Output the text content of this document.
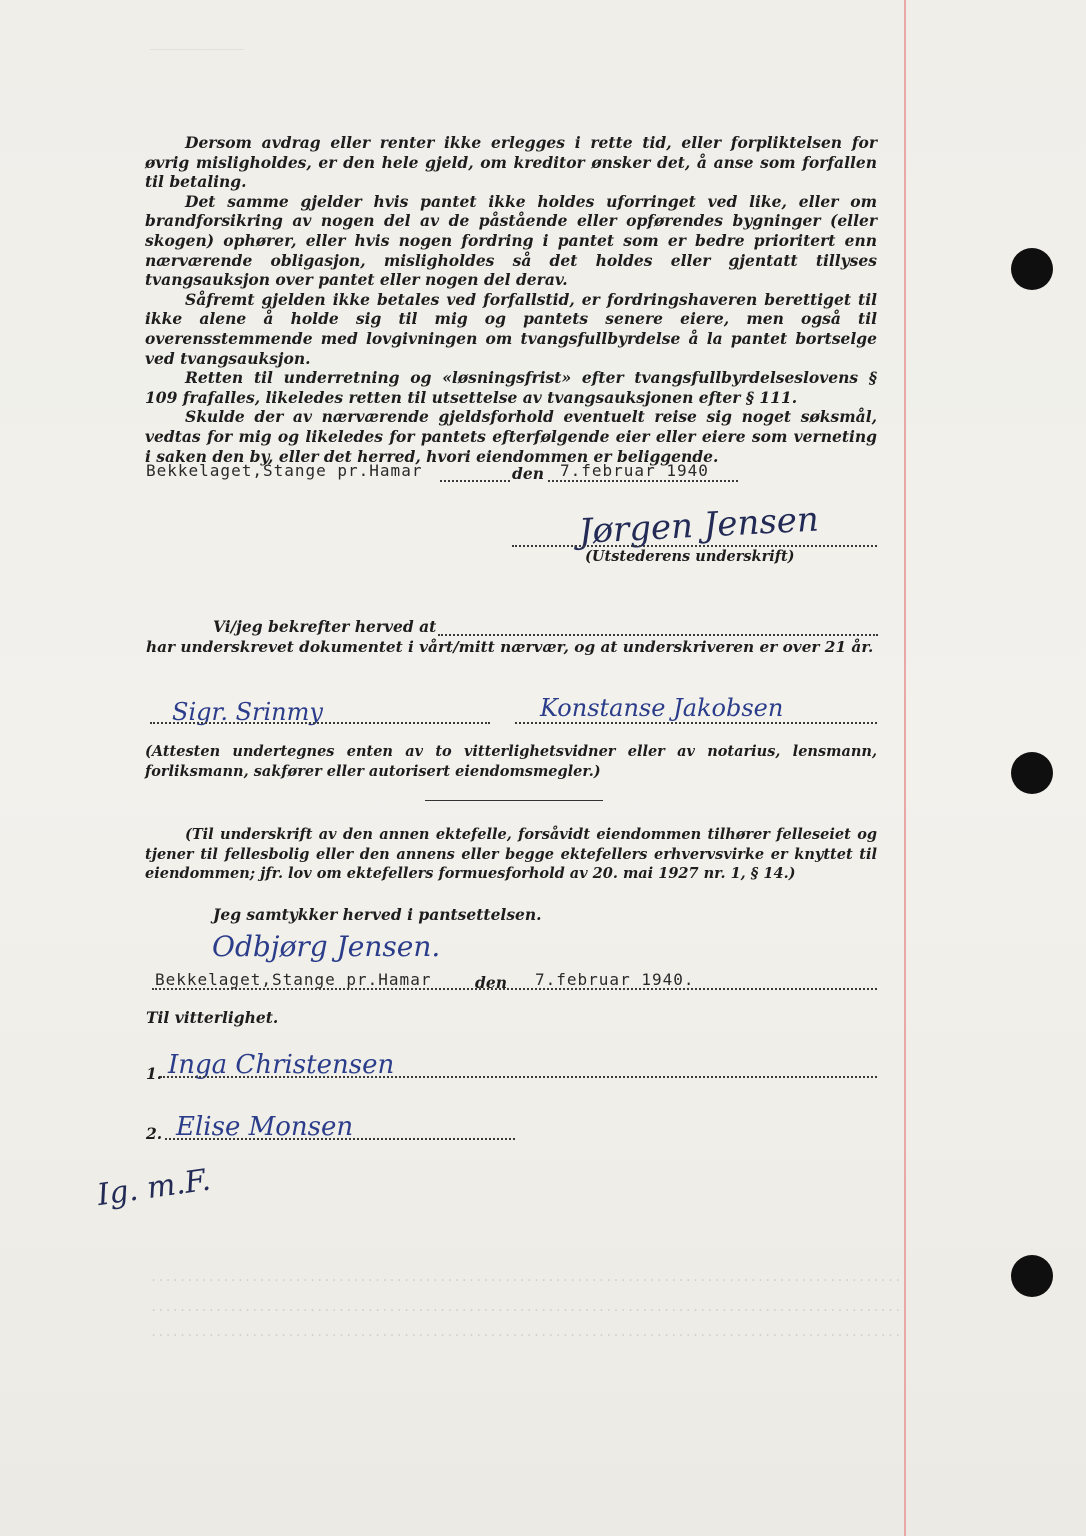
‾‾‾‾‾‾‾‾‾‾‾‾‾

Dersom avdrag eller renter ikke erlegges i rette tid, eller forpliktelsen for øvrig misligholdes, er den hele gjeld, om kreditor ønsker det, å anse som forfallen til betaling.

Det samme gjelder hvis pantet ikke holdes uforringet ved like, eller om brandforsikring av nogen del av de påstående eller opførendes bygninger (eller skogen) ophører, eller hvis nogen fordring i pantet som er bedre prioritert enn nærværende obligasjon, misligholdes så det holdes eller gjentatt tillyses tvangsauksjon over pantet eller nogen del derav.

Såfremt gjelden ikke betales ved forfallstid, er fordringshaveren berettiget til ikke alene å holde sig til mig og pantets senere eiere, men også til overensstemmende med lovgivningen om tvangsfullbyrdelse å la pantet bortselge ved tvangsauksjon.

Retten til underretning og «løsningsfrist» efter tvangsfullbyrdelseslovens § 109 frafalles, likeledes retten til utsettelse av tvangsauksjonen efter § 111.

Skulde der av nærværende gjeldsforhold eventuelt reise sig noget søksmål, vedtas for mig og likeledes for pantets efterfølgende eier eller eiere som verneting i saken den by, eller det herred, hvori eiendommen er beliggende.

Bekkelaget,Stange pr.Hamar	den 7.februar 1940
Jørgen Jensen
(Utstederens underskrift)
Vi/jeg bekrefter herved at
har underskrevet dokumentet i vårt/mitt nærvær, og at underskriveren er over 21 år.
Sigr. Srinmy	Konstanse Jakobsen

(Attesten undertegnes enten av to vitterlighetsvidner eller av notarius, lensmann, forliksmann, sakfører eller autorisert eiendomsmegler.)

(Til underskrift av den annen ektefelle, forsåvidt eiendommen tilhører felleseiet og tjener til fellesbolig eller den annens eller begge ektefellers erhvervsvirke er knyttet til eiendommen; jfr. lov om ektefellers formuesforhold av 20. mai 1927 nr. 1, § 14.)

Jeg samtykker herved i pantsettelsen.
Odbjørg Jensen.
Bekkelaget,Stange pr.Hamar	den 7.februar 1940.
Til vitterlighet.
1. Inga Christensen
2. Elise Monsen
Ig. m.F.
........................................................................................................
........................................................................................................
........................................................................................................
